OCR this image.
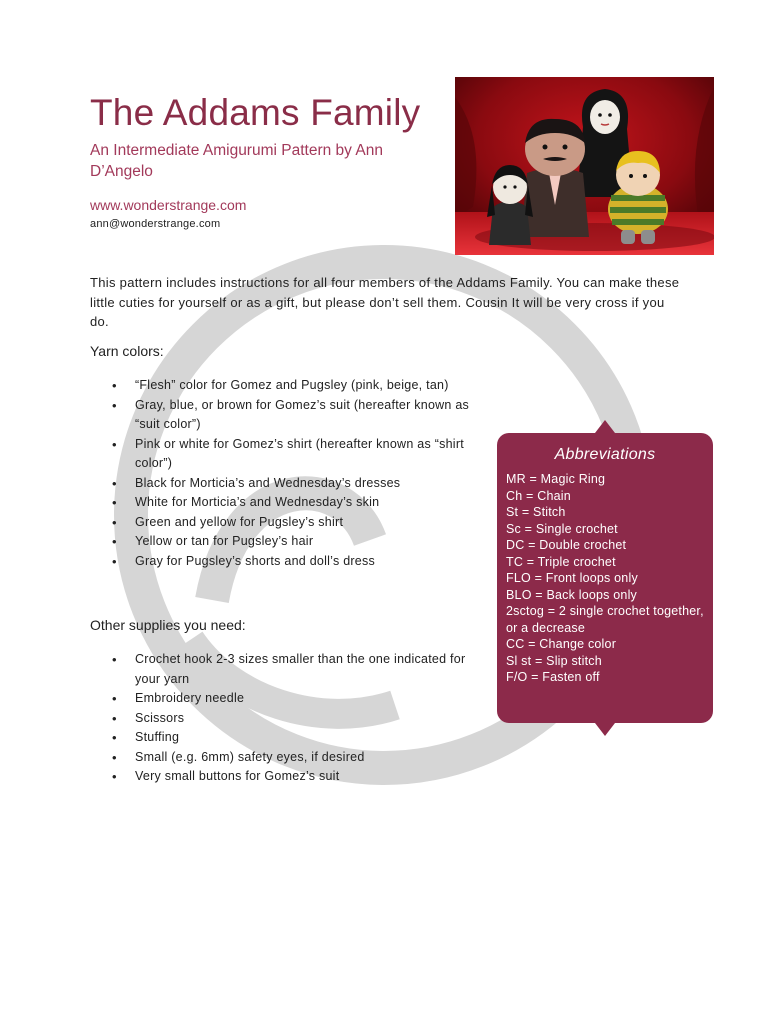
The Addams Family
An Intermediate Amigurumi Pattern by Ann D’Angelo
www.wonderstrange.com
ann@wonderstrange.com
This pattern includes instructions for all four members of the Addams Family. You can make these little cuties for yourself or as a gift, but please don’t sell them. Cousin It will be very cross if you do.
Yarn colors:
• “Flesh” color for Gomez and Pugsley (pink, beige, tan)
• Gray, blue, or brown for Gomez’s suit (hereafter known as “suit color”)
• Pink or white for Gomez’s shirt (hereafter known as “shirt color”)
• Black for Morticia’s and Wednesday’s dresses
• White for Morticia’s and Wednesday’s skin
• Green and yellow for Pugsley’s shirt
• Yellow or tan for Pugsley’s hair
• Gray for Pugsley’s shorts and doll’s dress
Other supplies you need:
• Crochet hook 2-3 sizes smaller than the one indicated for your yarn
• Embroidery needle
• Scissors
• Stuffing
• Small (e.g. 6mm) safety eyes, if desired
• Very small buttons for Gomez’s suit
Abbreviations
MR = Magic Ring
Ch = Chain
St = Stitch
Sc = Single crochet
DC = Double crochet
TC = Triple crochet
FLO = Front loops only
BLO = Back loops only
2sctog = 2 single crochet together, or a decrease
CC = Change color
Sl st = Slip stitch
F/O = Fasten off
